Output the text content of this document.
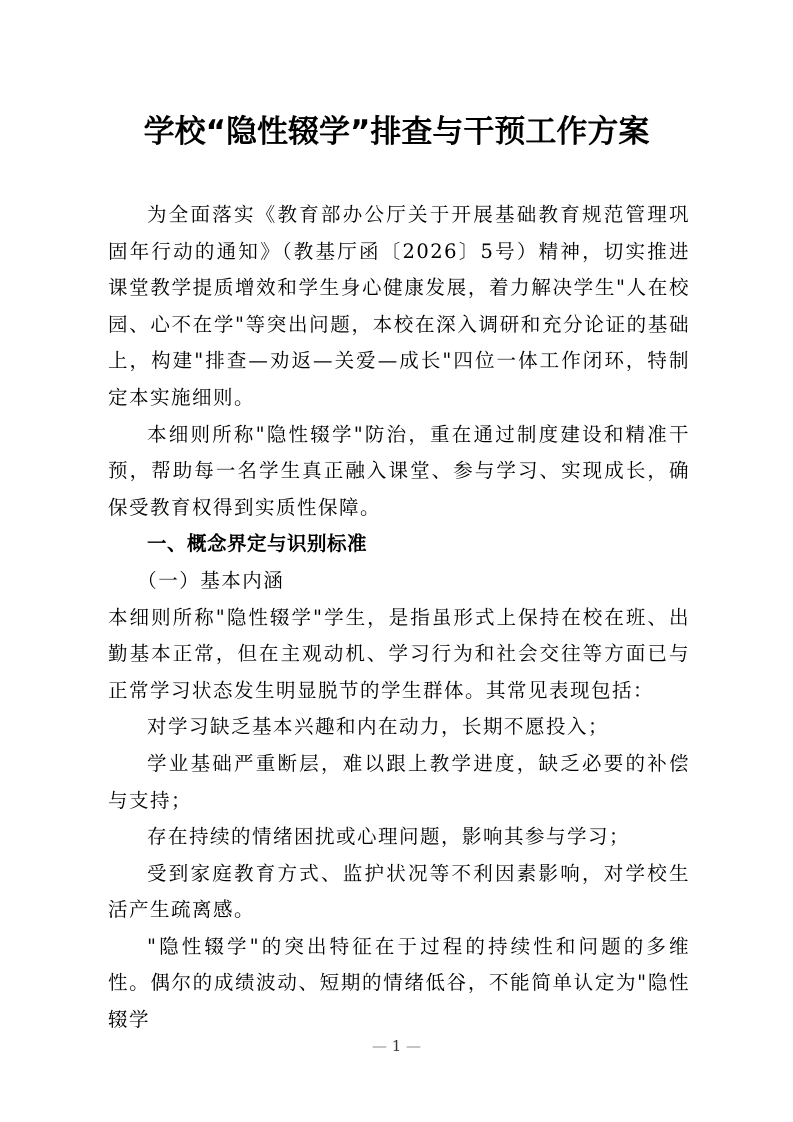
学校“隐性辍学”排查与干预工作方案

为全面落实《教育部办公厅关于开展基础教育规范管理巩固年行动的通知》（教基厅函〔2026〕5号）精神，切实推进课堂教学提质增效和学生身心健康发展，着力解决学生"人在校园、心不在学"等突出问题，本校在深入调研和充分论证的基础上，构建"排查—劝返—关爱—成长"四位一体工作闭环，特制定本实施细则。

本细则所称"隐性辍学"防治，重在通过制度建设和精准干预，帮助每一名学生真正融入课堂、参与学习、实现成长，确保受教育权得到实质性保障。

一、概念界定与识别标准

（一）基本内涵

本细则所称"隐性辍学"学生，是指虽形式上保持在校在班、出勤基本正常，但在主观动机、学习行为和社会交往等方面已与正常学习状态发生明显脱节的学生群体。其常见表现包括：

对学习缺乏基本兴趣和内在动力，长期不愿投入；

学业基础严重断层，难以跟上教学进度，缺乏必要的补偿与支持；

存在持续的情绪困扰或心理问题，影响其参与学习；

受到家庭教育方式、监护状况等不利因素影响，对学校生活产生疏离感。

"隐性辍学"的突出特征在于过程的持续性和问题的多维性。偶尔的成绩波动、短期的情绪低谷，不能简单认定为"隐性辍学

— 1 —
